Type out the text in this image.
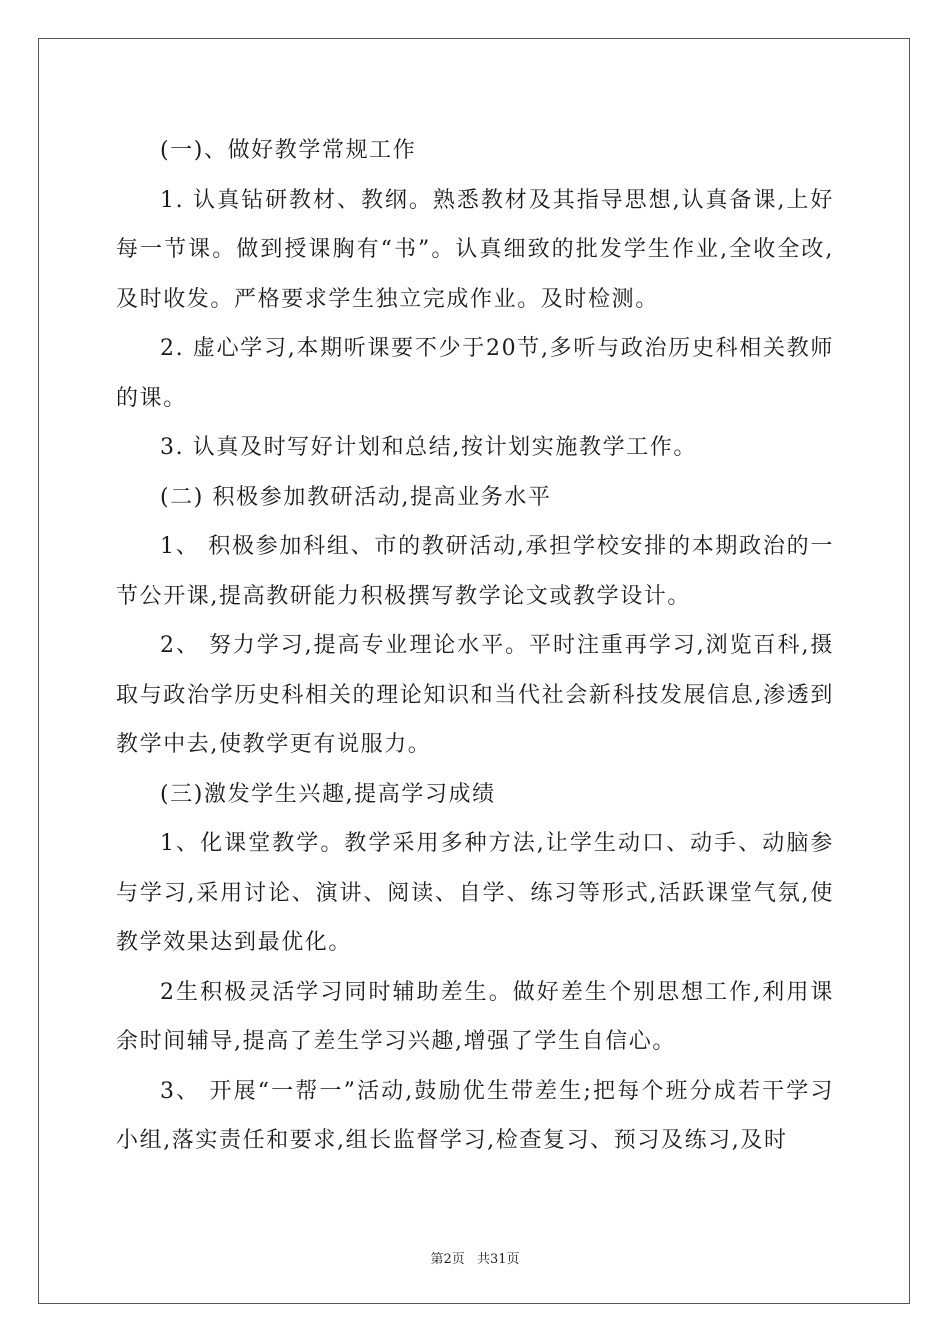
(一)、做好教学常规工作

1. 认真钻研教材、教纲。熟悉教材及其指导思想,认真备课,上好每一节课。做到授课胸有“书”。认真细致的批发学生作业,全收全改,及时收发。严格要求学生独立完成作业。及时检测。

2. 虚心学习,本期听课要不少于20节,多听与政治历史科相关教师的课。

3. 认真及时写好计划和总结,按计划实施教学工作。

(二) 积极参加教研活动,提高业务水平

1、 积极参加科组、市的教研活动,承担学校安排的本期政治的一节公开课,提高教研能力积极撰写教学论文或教学设计。

2、 努力学习,提高专业理论水平。平时注重再学习,浏览百科,摄取与政治学历史科相关的理论知识和当代社会新科技发展信息,渗透到教学中去,使教学更有说服力。

(三)激发学生兴趣,提高学习成绩

1、化课堂教学。教学采用多种方法,让学生动口、动手、动脑参与学习,采用讨论、演讲、阅读、自学、练习等形式,活跃课堂气氛,使教学效果达到最优化。

2生积极灵活学习同时辅助差生。做好差生个别思想工作,利用课余时间辅导,提高了差生学习兴趣,增强了学生自信心。

3、 开展“一帮一”活动,鼓励优生带差生;把每个班分成若干学习小组,落实责任和要求,组长监督学习,检查复习、预习及练习,及时

第2页 共31页
